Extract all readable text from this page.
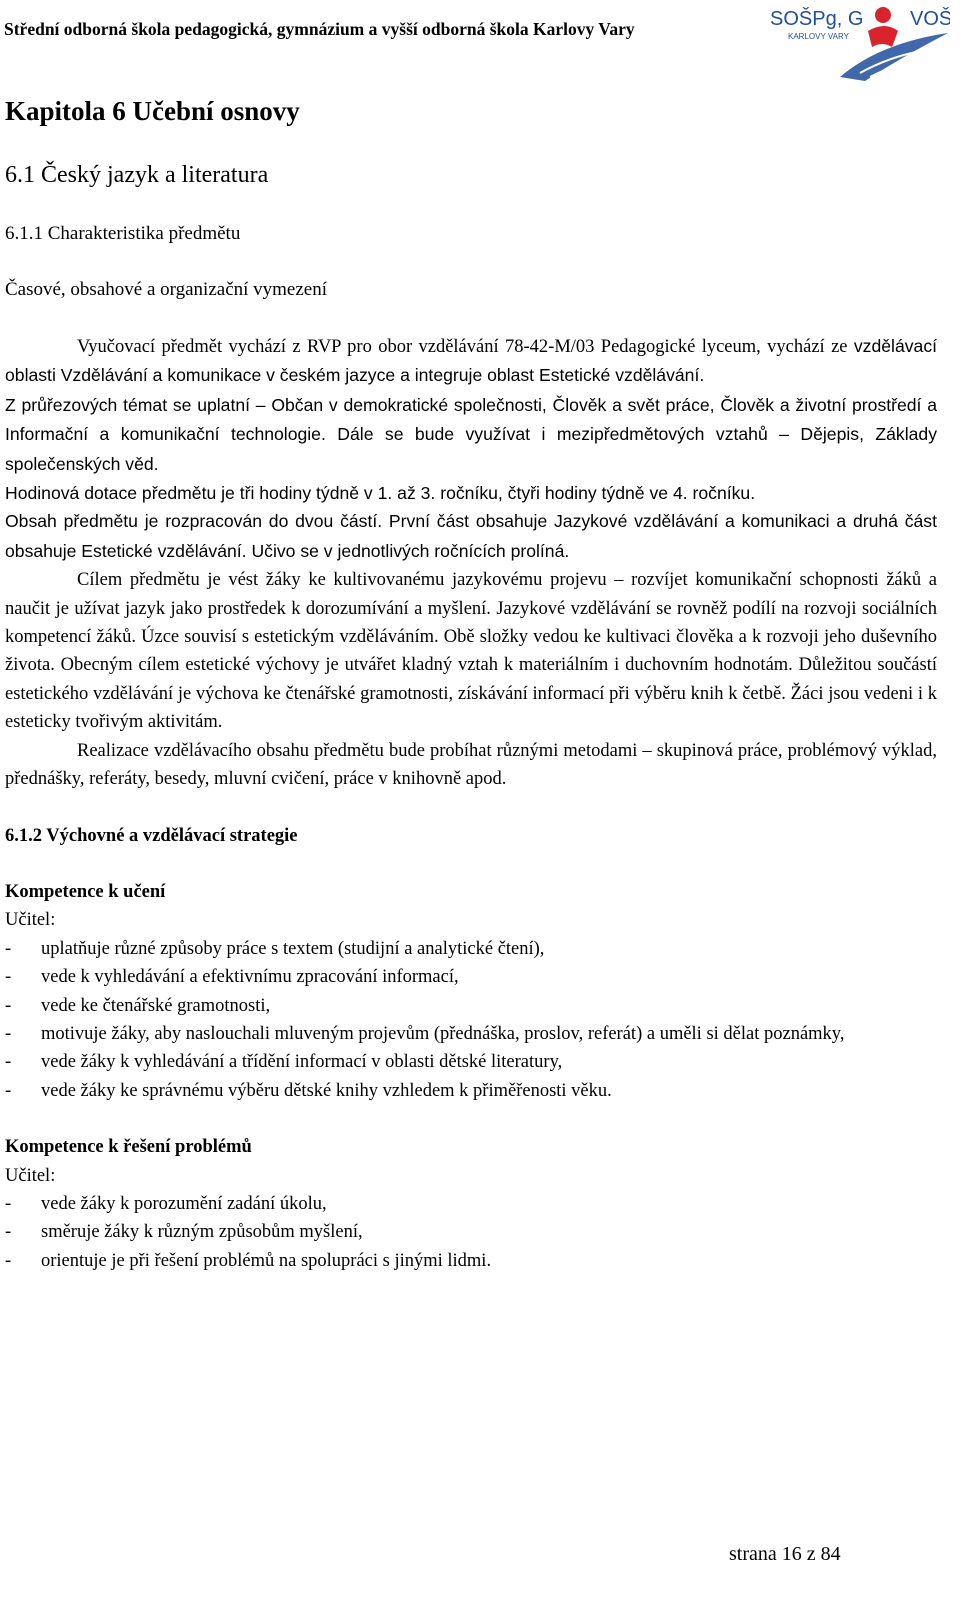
Střední odborná škola pedagogická, gymnázium a vyšší odborná škola Karlovy Vary	SOŠPg, G
KARLOVY VARY
VOŠ
Kapitola 6 Učební osnovy
6.1 Český jazyk a literatura
6.1.1 Charakteristika předmětu
Časové, obsahové a organizační vymezení

Vyučovací předmět vychází z RVP pro obor vzdělávání 78-42-M/03 Pedagogické lyceum, vychází ze vzdělávací oblasti Vzdělávání a komunikace v českém jazyce a integruje oblast Estetické vzdělávání.

Z průřezových témat se uplatní – Občan v demokratické společnosti, Člověk a svět práce, Člověk a životní prostředí a Informační a komunikační technologie. Dále se bude využívat i mezipředmětových vztahů – Dějepis, Základy společenských věd.

Hodinová dotace předmětu je tři hodiny týdně v 1. až 3. ročníku, čtyři hodiny týdně ve 4. ročníku.

Obsah předmětu je rozpracován do dvou částí. První část obsahuje Jazykové vzdělávání a komunikaci a druhá část obsahuje Estetické vzdělávání. Učivo se v jednotlivých ročnících prolíná.

Cílem předmětu je vést žáky ke kultivovanému jazykovému projevu – rozvíjet komunikační schopnosti žáků a naučit je užívat jazyk jako prostředek k dorozumívání a myšlení. Jazykové vzdělávání se rovněž podílí na rozvoji sociálních kompetencí žáků. Úzce souvisí s estetickým vzděláváním. Obě složky vedou ke kultivaci člověka a k rozvoji jeho duševního života. Obecným cílem estetické výchovy je utvářet kladný vztah k materiálním i duchovním hodnotám. Důležitou součástí estetického vzdělávání je výchova ke čtenářské gramotnosti, získávání informací při výběru knih k četbě. Žáci jsou vedeni i k esteticky tvořivým aktivitám.

Realizace vzdělávacího obsahu předmětu bude probíhat různými metodami – skupinová práce, problémový výklad, přednášky, referáty, besedy, mluvní cvičení, práce v knihovně apod.

6.1.2 Výchovné a vzdělávací strategie
Kompetence k učení
Učitel:
- uplatňuje různé způsoby práce s textem (studijní a analytické čtení),
- vede k vyhledávání a efektivnímu zpracování informací,
- vede ke čtenářské gramotnosti,
- motivuje žáky, aby naslouchali mluveným projevům (přednáška, proslov, referát) a uměli si dělat poznámky,
- vede žáky k vyhledávání a třídění informací v oblasti dětské literatury,
- vede žáky ke správnému výběru dětské knihy vzhledem k přiměřenosti věku.
Kompetence k řešení problémů
Učitel:
- vede žáky k porozumění zadání úkolu,
- směruje žáky k různým způsobům myšlení,
- orientuje je při řešení problémů na spolupráci s jinými lidmi.
strana 16 z 84
